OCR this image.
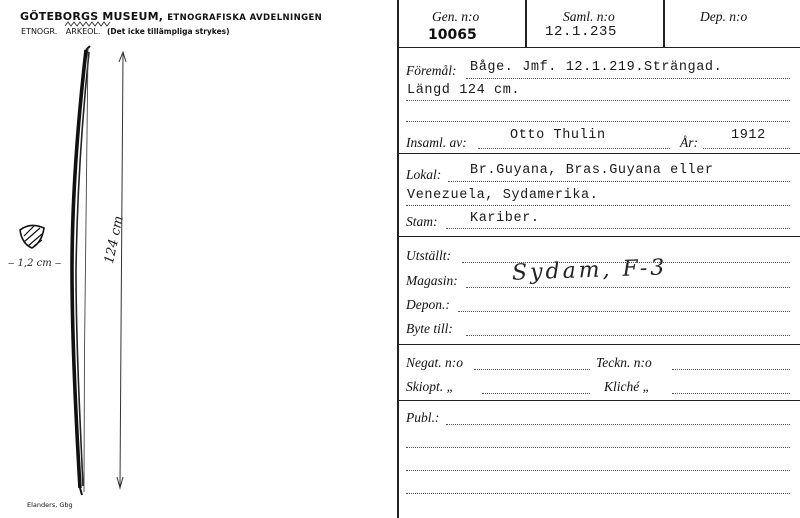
GÖTEBORGS MUSEUM, ETNOGRAFISKA AVDELNINGEN
ETNOGR. ARKEOL. (Det icke tillämpliga strykes)
124 cm
‒ 1,2 cm ‒
Elanders, Gbg
Gen. n:o
10065
Saml. n:o
12.1.235
Dep. n:o
Föremål: Båge. Jmf. 12.1.219.Strängad.
Längd 124 cm.
Insaml. av:	Otto Thulin	År: 1912
Lokal: Br.Guyana, Bras.Guyana eller
Venezuela, Sydamerika.
Stam: Kariber.
Utställt:
Magasin: Sydam, F-3
Depon.:
Byte till:
Negat. n:o	Teckn. n:o
Skiopt. „	Kliché „
Publ.:
